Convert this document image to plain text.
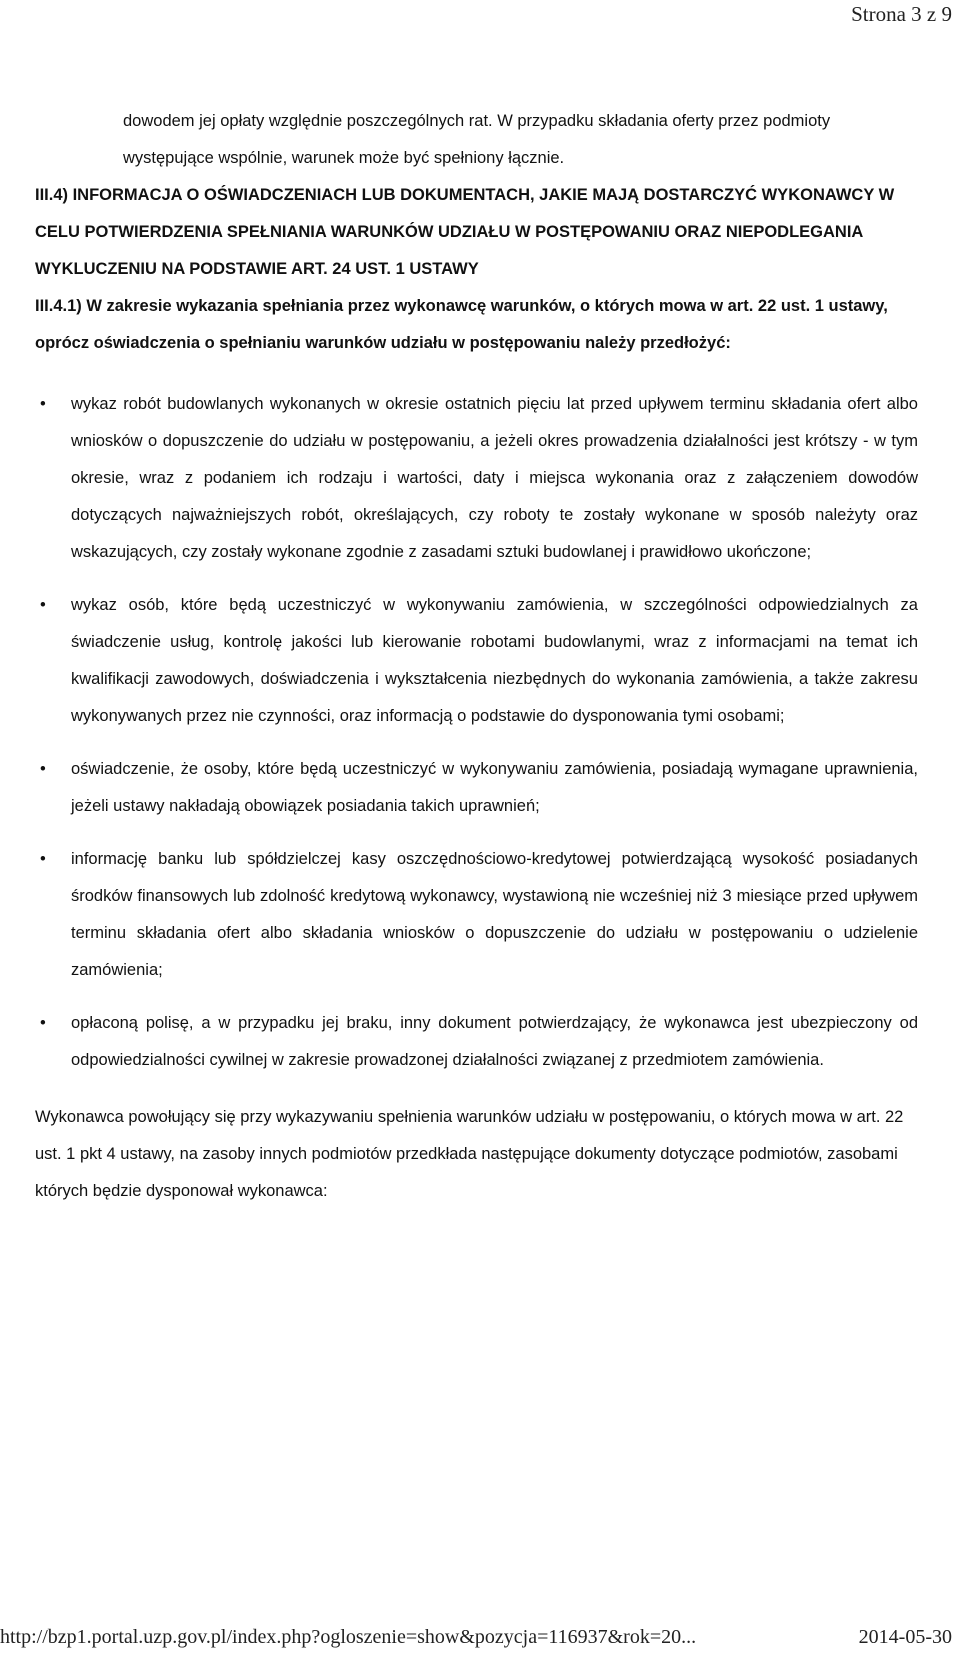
Strona 3 z 9

dowodem jej opłaty względnie poszczególnych rat. W przypadku składania oferty przez podmioty występujące wspólnie, warunek może być spełniony łącznie.

III.4) INFORMACJA O OŚWIADCZENIACH LUB DOKUMENTACH, JAKIE MAJĄ DOSTARCZYĆ WYKONAWCY W CELU POTWIERDZENIA SPEŁNIANIA WARUNKÓW UDZIAŁU W POSTĘPOWANIU ORAZ NIEPODLEGANIA WYKLUCZENIU NA PODSTAWIE ART. 24 UST. 1 USTAWY

III.4.1) W zakresie wykazania spełniania przez wykonawcę warunków, o których mowa w art. 22 ust. 1 ustawy, oprócz oświadczenia o spełnianiu warunków udziału w postępowaniu należy przedłożyć:

• wykaz robót budowlanych wykonanych w okresie ostatnich pięciu lat przed upływem terminu składania ofert albo wniosków o dopuszczenie do udziału w postępowaniu, a jeżeli okres prowadzenia działalności jest krótszy - w tym okresie, wraz z podaniem ich rodzaju i wartości, daty i miejsca wykonania oraz z załączeniem dowodów dotyczących najważniejszych robót, określających, czy roboty te zostały wykonane w sposób należyty oraz wskazujących, czy zostały wykonane zgodnie z zasadami sztuki budowlanej i prawidłowo ukończone;
• wykaz osób, które będą uczestniczyć w wykonywaniu zamówienia, w szczególności odpowiedzialnych za świadczenie usług, kontrolę jakości lub kierowanie robotami budowlanymi, wraz z informacjami na temat ich kwalifikacji zawodowych, doświadczenia i wykształcenia niezbędnych do wykonania zamówienia, a także zakresu wykonywanych przez nie czynności, oraz informacją o podstawie do dysponowania tymi osobami;
• oświadczenie, że osoby, które będą uczestniczyć w wykonywaniu zamówienia, posiadają wymagane uprawnienia, jeżeli ustawy nakładają obowiązek posiadania takich uprawnień;
• informację banku lub spółdzielczej kasy oszczędnościowo-kredytowej potwierdzającą wysokość posiadanych środków finansowych lub zdolność kredytową wykonawcy, wystawioną nie wcześniej niż 3 miesiące przed upływem terminu składania ofert albo składania wniosków o dopuszczenie do udziału w postępowaniu o udzielenie zamówienia;
• opłaconą polisę, a w przypadku jej braku, inny dokument potwierdzający, że wykonawca jest ubezpieczony od odpowiedzialności cywilnej w zakresie prowadzonej działalności związanej z przedmiotem zamówienia.

Wykonawca powołujący się przy wykazywaniu spełnienia warunków udziału w postępowaniu, o których mowa w art. 22 ust. 1 pkt 4 ustawy, na zasoby innych podmiotów przedkłada następujące dokumenty dotyczące podmiotów, zasobami których będzie dysponował wykonawca:

http://bzp1.portal.uzp.gov.pl/index.php?ogloszenie=show&pozycja=116937&rok=20...	2014-05-30
